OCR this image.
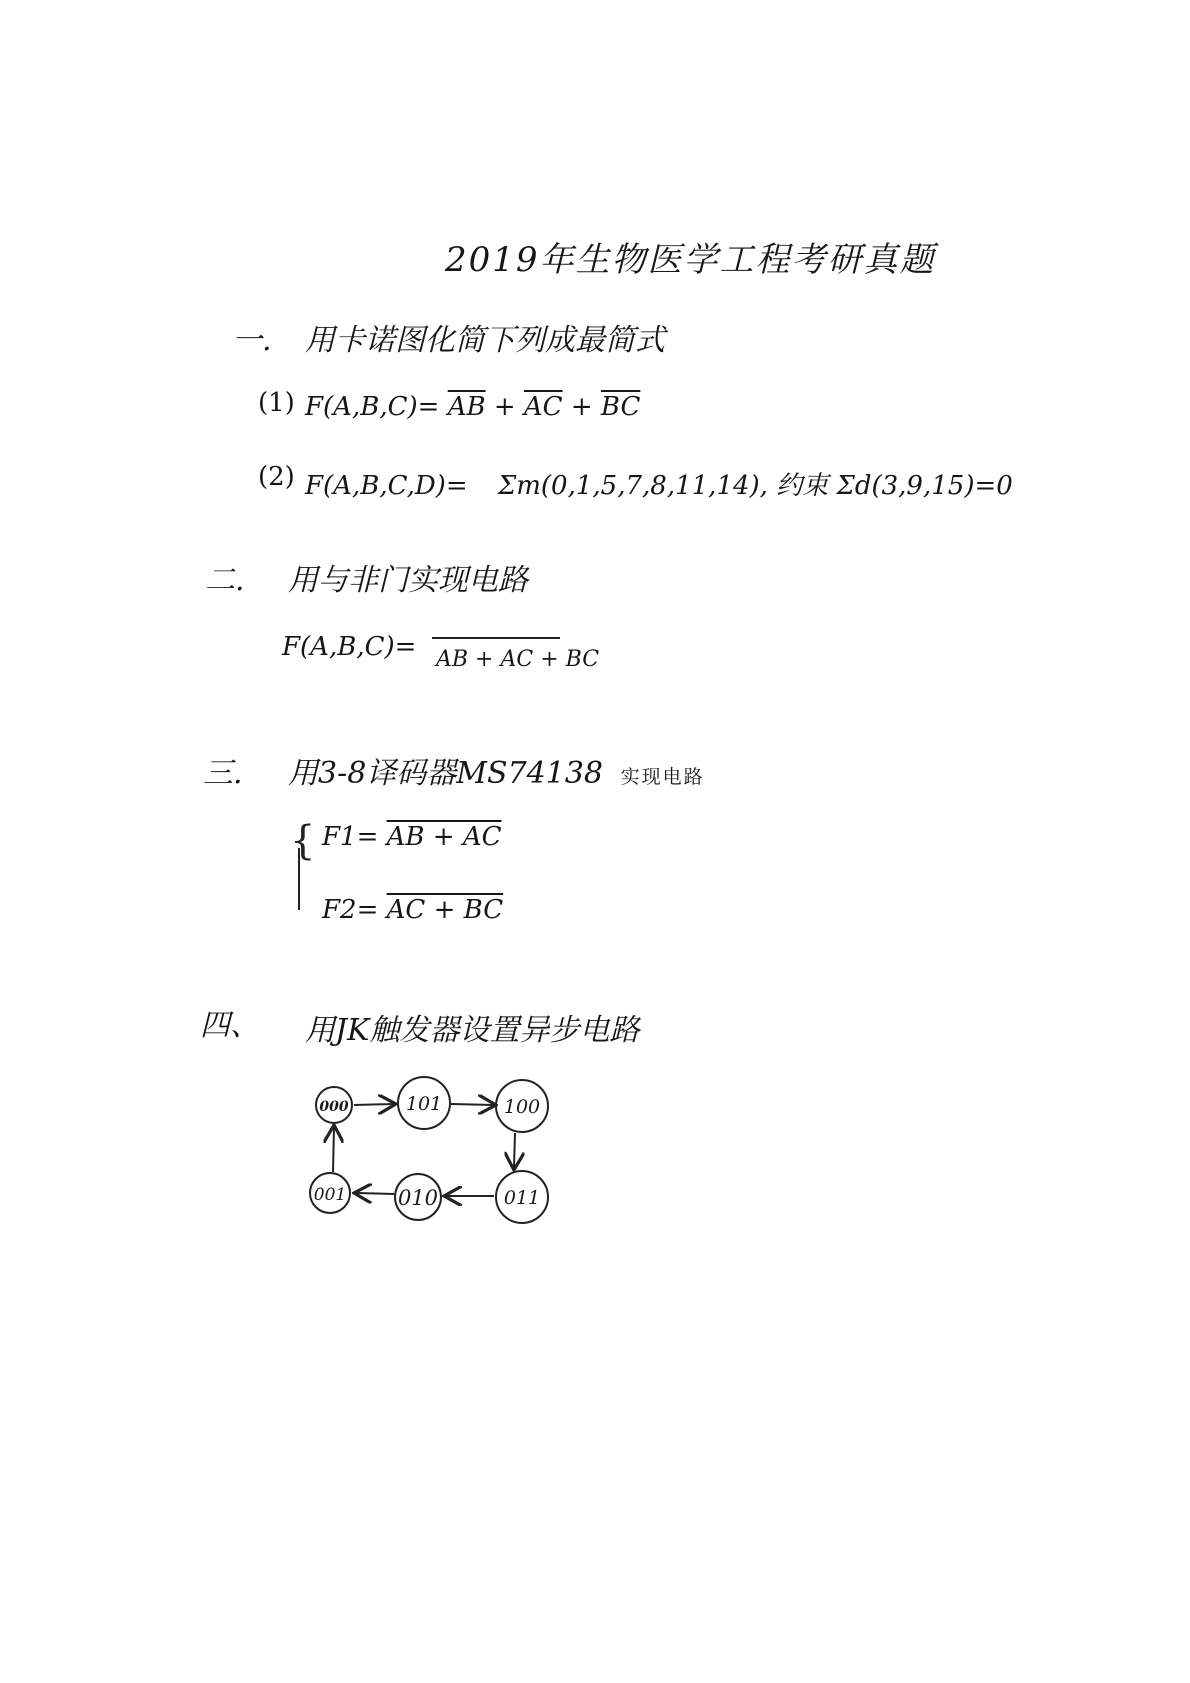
2019年生物医学工程考研真题
一. 用卡诺图化简下列成最简式
(1) $F(A,B,C)= \overline{AB} + \overline{AC} + \overline{BC}$
(2) F(A,B,C,D)= Σm(0,1,5,7,8,11,14), 约束 Σd(3,9,15)=0
二. 用与非门实现电路
F(A,B,C)= AB + AC + BC
三. 用3-8译码器MS74138 实现电路
{ F1= AB + AC
F2= AC + BC
四、 用JK触发器设置异步电路
000	101	100
011
010
001
